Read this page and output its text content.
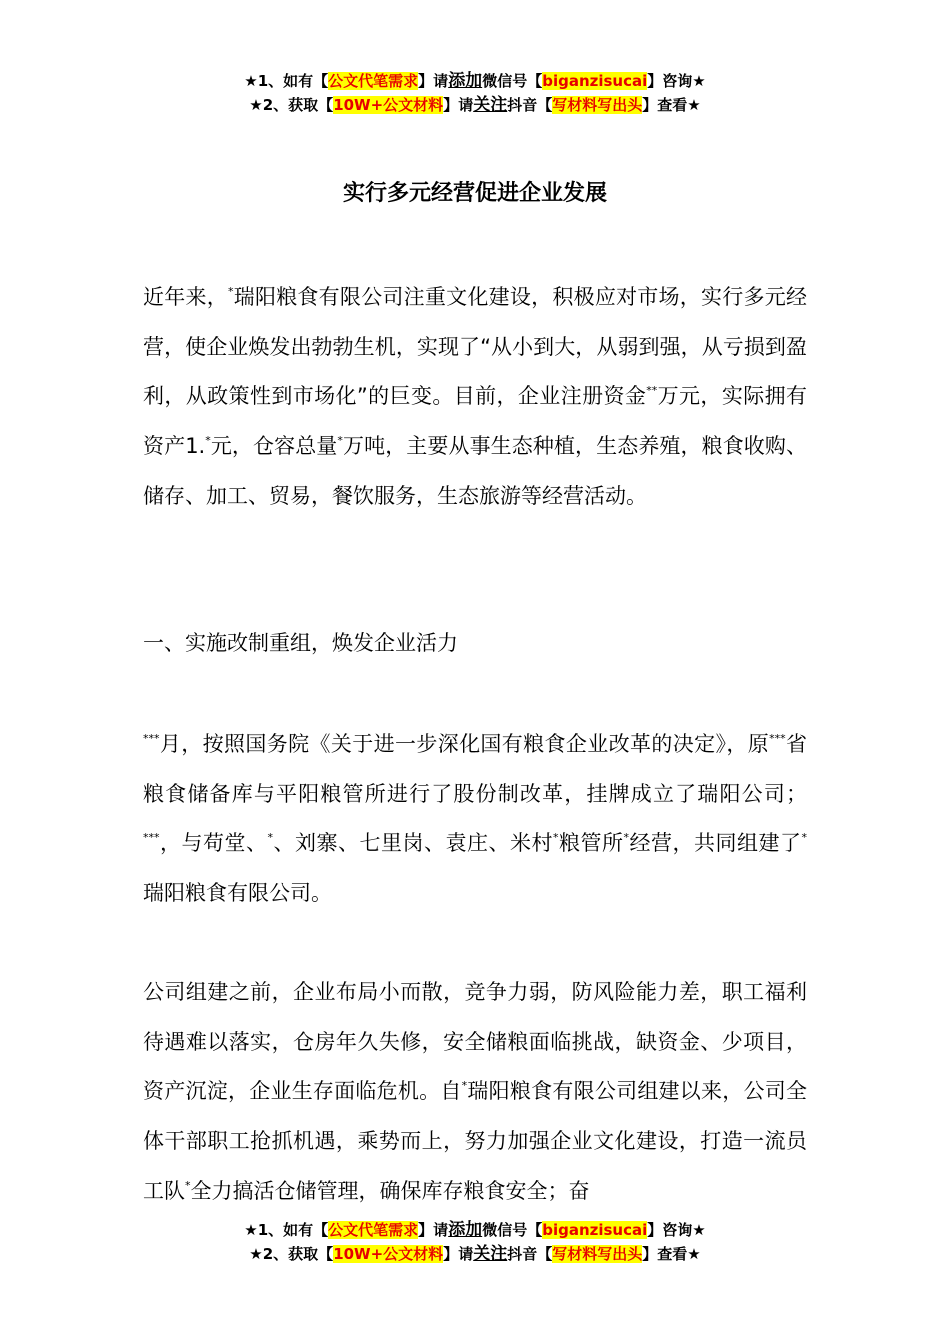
★1、如有【公文代笔需求】请添加微信号【biganzisucai】咨询★
★2、获取【10W+公文材料】请关注抖音【写材料写出头】查看★
实行多元经营促进企业发展

近年来，*瑞阳粮食有限公司注重文化建设，积极应对市场，实行多元经营，使企业焕发出勃勃生机，实现了“从小到大，从弱到强，从亏损到盈利，从政策性到市场化”的巨变。目前，企业注册资金**万元，实际拥有资产1.*元，仓容总量*万吨，主要从事生态种植，生态养殖，粮食收购、储存、加工、贸易，餐饮服务，生态旅游等经营活动。

一、实施改制重组，焕发企业活力

***月，按照国务院《关于进一步深化国有粮食企业改革的决定》，原***省粮食储备库与平阳粮管所进行了股份制改革，挂牌成立了瑞阳公司；***，与苟堂、*、刘寨、七里岗、袁庄、米村*粮管所*经营，共同组建了*瑞阳粮食有限公司。

公司组建之前，企业布局小而散，竞争力弱，防风险能力差，职工福利待遇难以落实，仓房年久失修，安全储粮面临挑战，缺资金、少项目，资产沉淀，企业生存面临危机。自*瑞阳粮食有限公司组建以来，公司全体干部职工抢抓机遇，乘势而上，努力加强企业文化建设，打造一流员工队*全力搞活仓储管理，确保库存粮食安全；奋

★1、如有【公文代笔需求】请添加微信号【biganzisucai】咨询★
★2、获取【10W+公文材料】请关注抖音【写材料写出头】查看★
